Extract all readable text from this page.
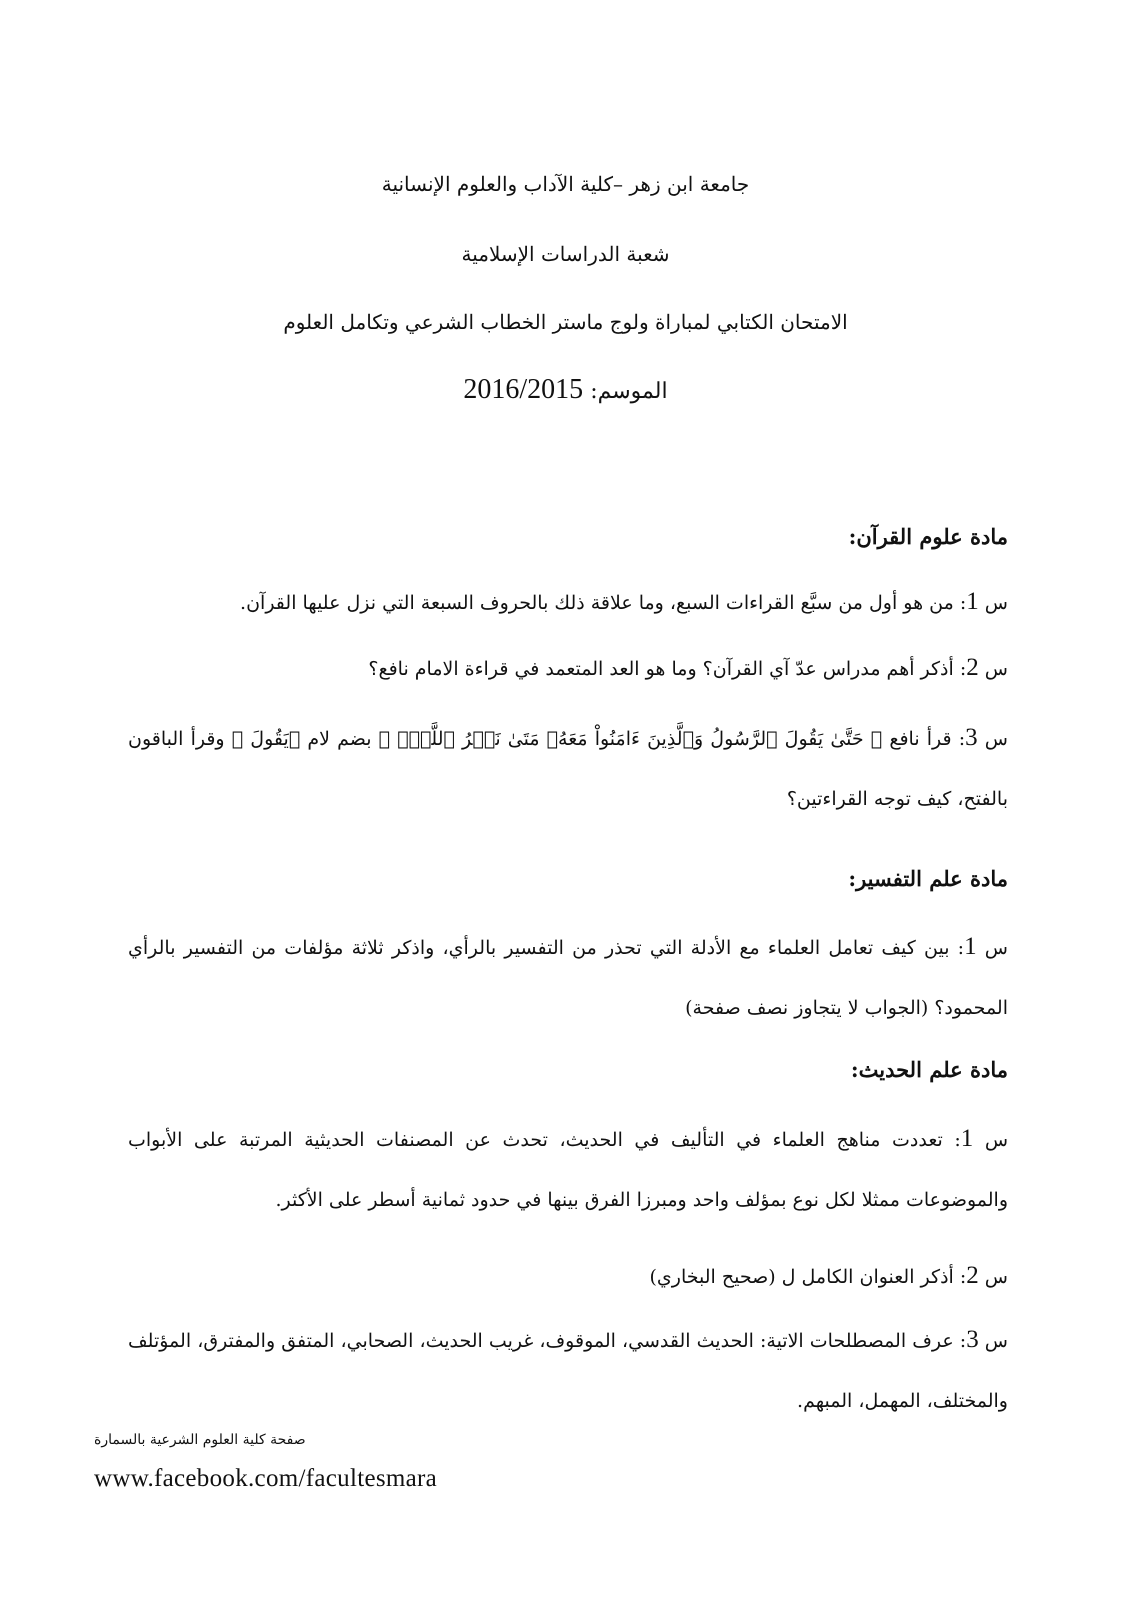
جامعة ابن زهر –كلية الآداب والعلوم الإنسانية
شعبة الدراسات الإسلامية
الامتحان الكتابي لمباراة ولوج ماستر الخطاب الشرعي وتكامل العلوم
الموسم: 2016/2015
مادة علوم القرآن:
س 1: من هو أول من سبَّع القراءات السبع، وما علاقة ذلك بالحروف السبعة التي نزل عليها القرآن.
س 2: أذكر أهم مدراس عدّ آي القرآن؟ وما هو العد المتعمد في قراءة الامام نافع؟
س 3: قرأ نافع ﴿ حَتَّىٰ يَقُولَ ٱلرَّسُولُ وَٱلَّذِينَ ءَامَنُواْ مَعَهُۥ مَتَىٰ نَصۡرُ ٱللَّهِۗ ﴾ بضم لام ﴿يَقُولَ ﴾ وقرأ الباقون بالفتح، كيف توجه القراءتين؟
مادة علم التفسير:
س 1: بين كيف تعامل العلماء مع الأدلة التي تحذر من التفسير بالرأي، واذكر ثلاثة مؤلفات من التفسير بالرأي المحمود؟ (الجواب لا يتجاوز نصف صفحة)
مادة علم الحديث:
س 1: تعددت مناهج العلماء في التأليف في الحديث، تحدث عن المصنفات الحديثية المرتبة على الأبواب والموضوعات ممثلا لكل نوع بمؤلف واحد ومبرزا الفرق بينها في حدود ثمانية أسطر على الأكثر.
س 2: أذكر العنوان الكامل ل (صحيح البخاري)
س 3: عرف المصطلحات الاتية: الحديث القدسي، الموقوف، غريب الحديث، الصحابي، المتفق والمفترق، المؤتلف والمختلف، المهمل، المبهم.
صفحة كلية العلوم الشرعية بالسمارة
www.facebook.com/facultesmara
